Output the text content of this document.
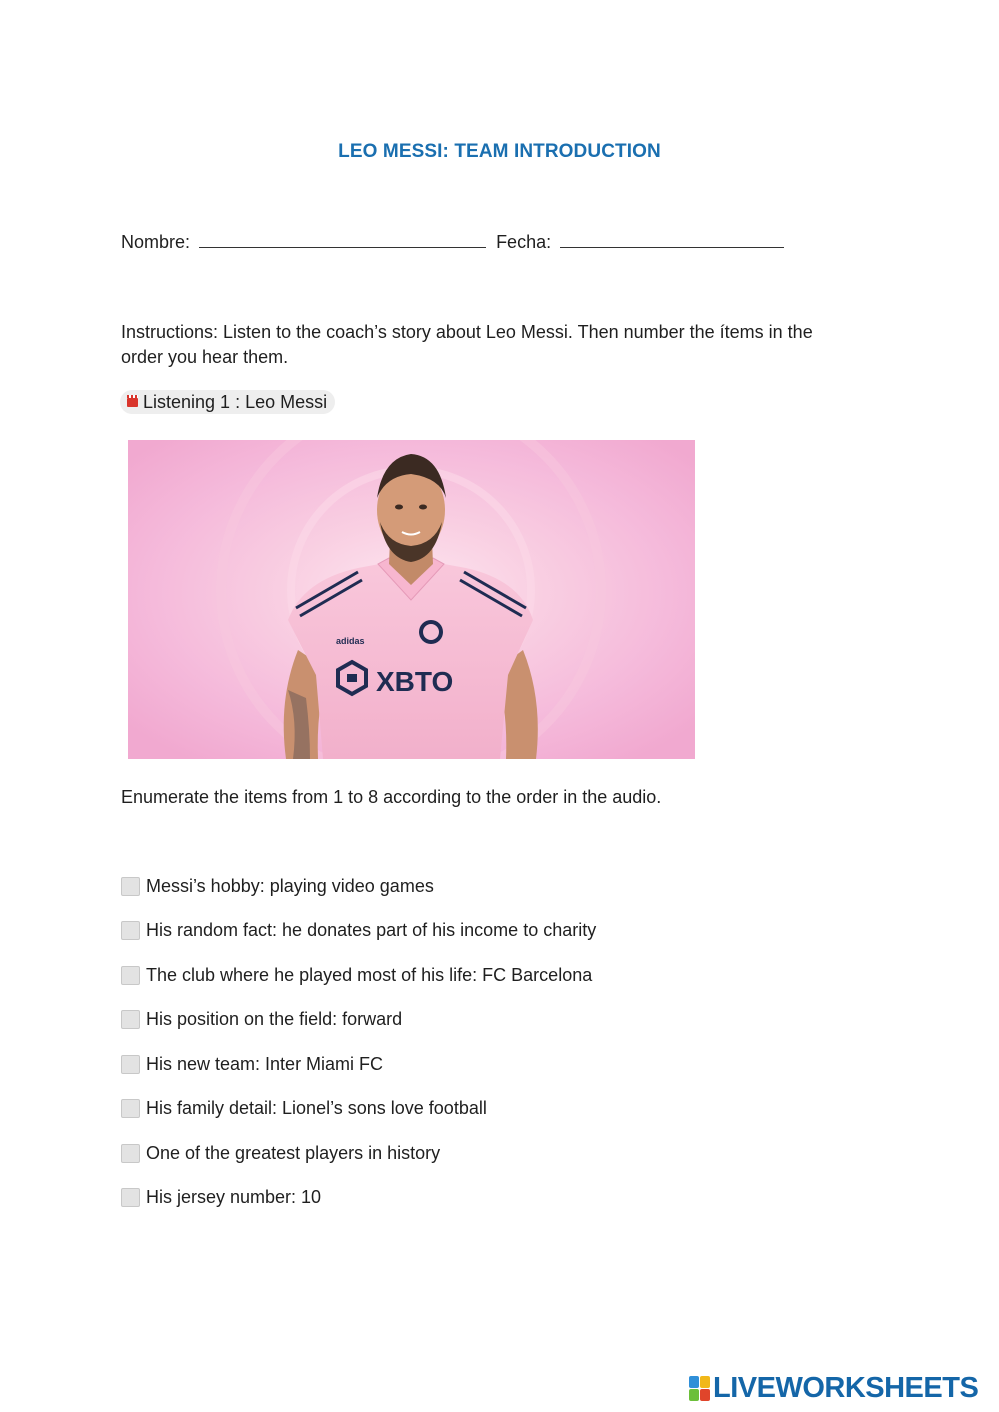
LEO MESSI: TEAM INTRODUCTION
Nombre:	Fecha:
Instructions: Listen to the coach’s story about Leo Messi. Then number the ítems in the order you hear them.
Listening 1 : Leo Messi
adidas
XBTO
Enumerate the items from 1 to 8 according to the order in the audio.
Messi’s hobby: playing video games
His random fact: he donates part of his income to charity
The club where he played most of his life: FC Barcelona
His position on the field: forward
His new team: Inter Miami FC
His family detail: Lionel’s sons love football
One of the greatest players in history
His jersey number: 10
LIVEWORKSHEETS
